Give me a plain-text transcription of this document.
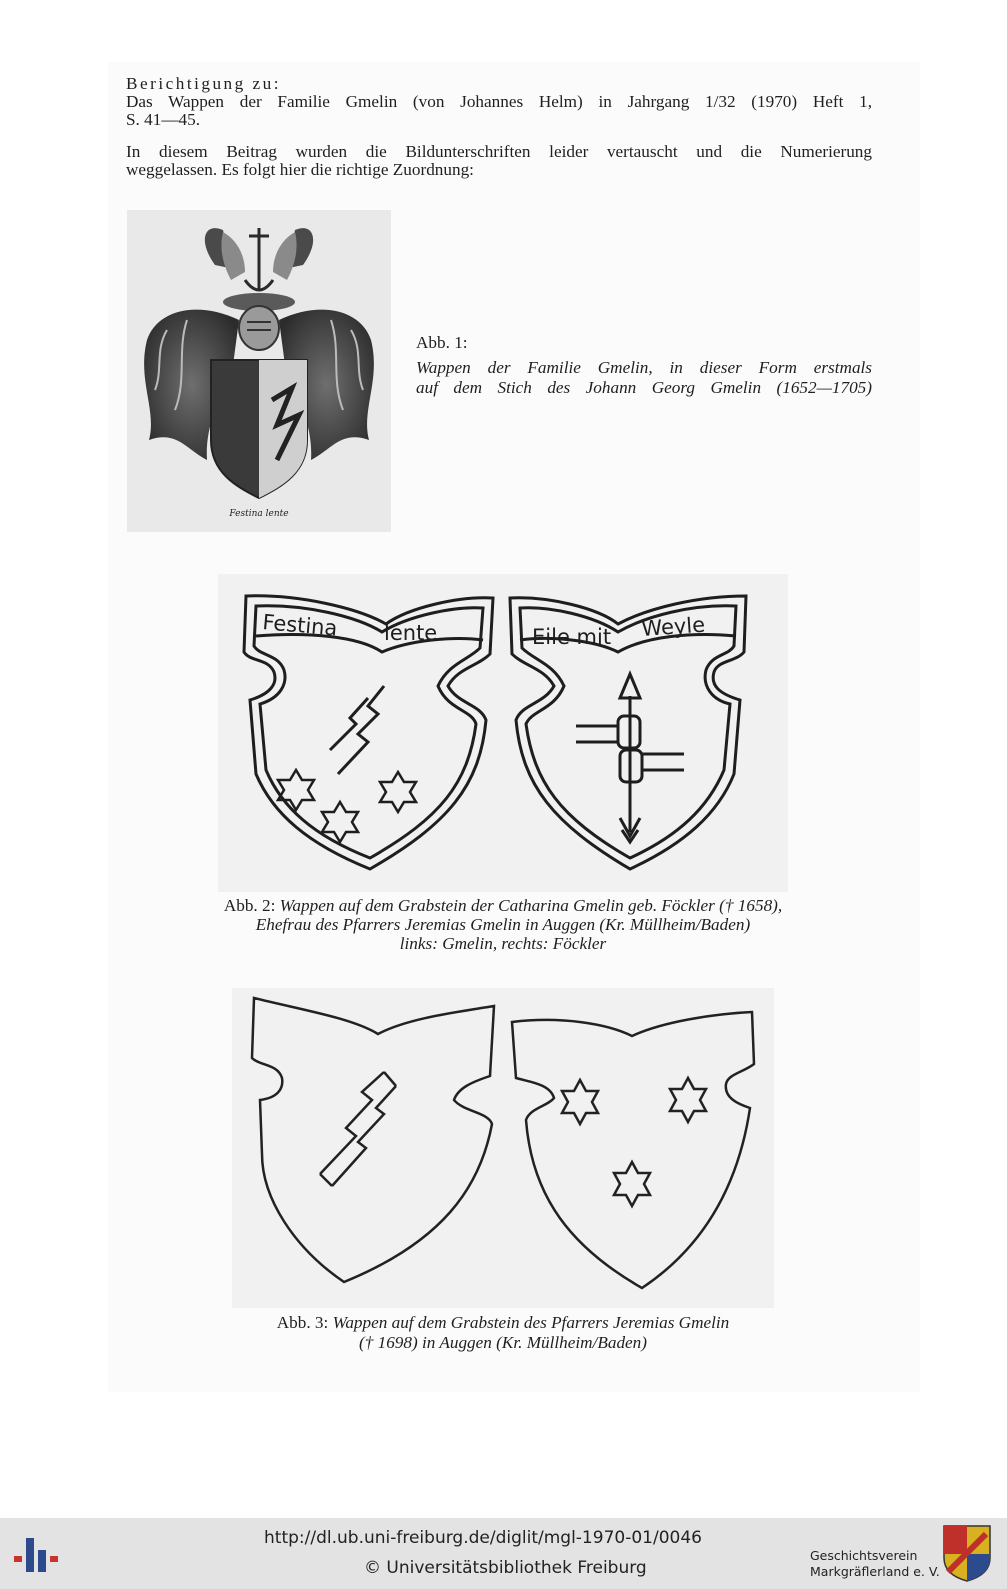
Berichtigung zu:
Das Wappen der Familie Gmelin (von Johannes Helm) in Jahrgang 1/32 (1970) Heft 1,
S. 41—45.
In diesem Beitrag wurden die Bildunterschriften leider vertauscht und die Numerierung
weggelassen. Es folgt hier die richtige Zuordnung:
Festina lente
Abb. 1:
Wappen der Familie Gmelin, in dieser Form erstmals
auf dem Stich des Johann Georg Gmelin (1652—1705)
Festina lente	Eile mit Weyle
Abb. 2: Wappen auf dem Grabstein der Catharina Gmelin geb. Föckler († 1658),
Ehefrau des Pfarrers Jeremias Gmelin in Auggen (Kr. Müllheim/Baden)
links: Gmelin, rechts: Föckler
Abb. 3: Wappen auf dem Grabstein des Pfarrers Jeremias Gmelin
(† 1698) in Auggen (Kr. Müllheim/Baden)
http://dl.ub.uni-freiburg.de/diglit/mgl-1970-01/0046
© Universitätsbibliothek Freiburg
Geschichtsverein
Markgräflerland e. V.
